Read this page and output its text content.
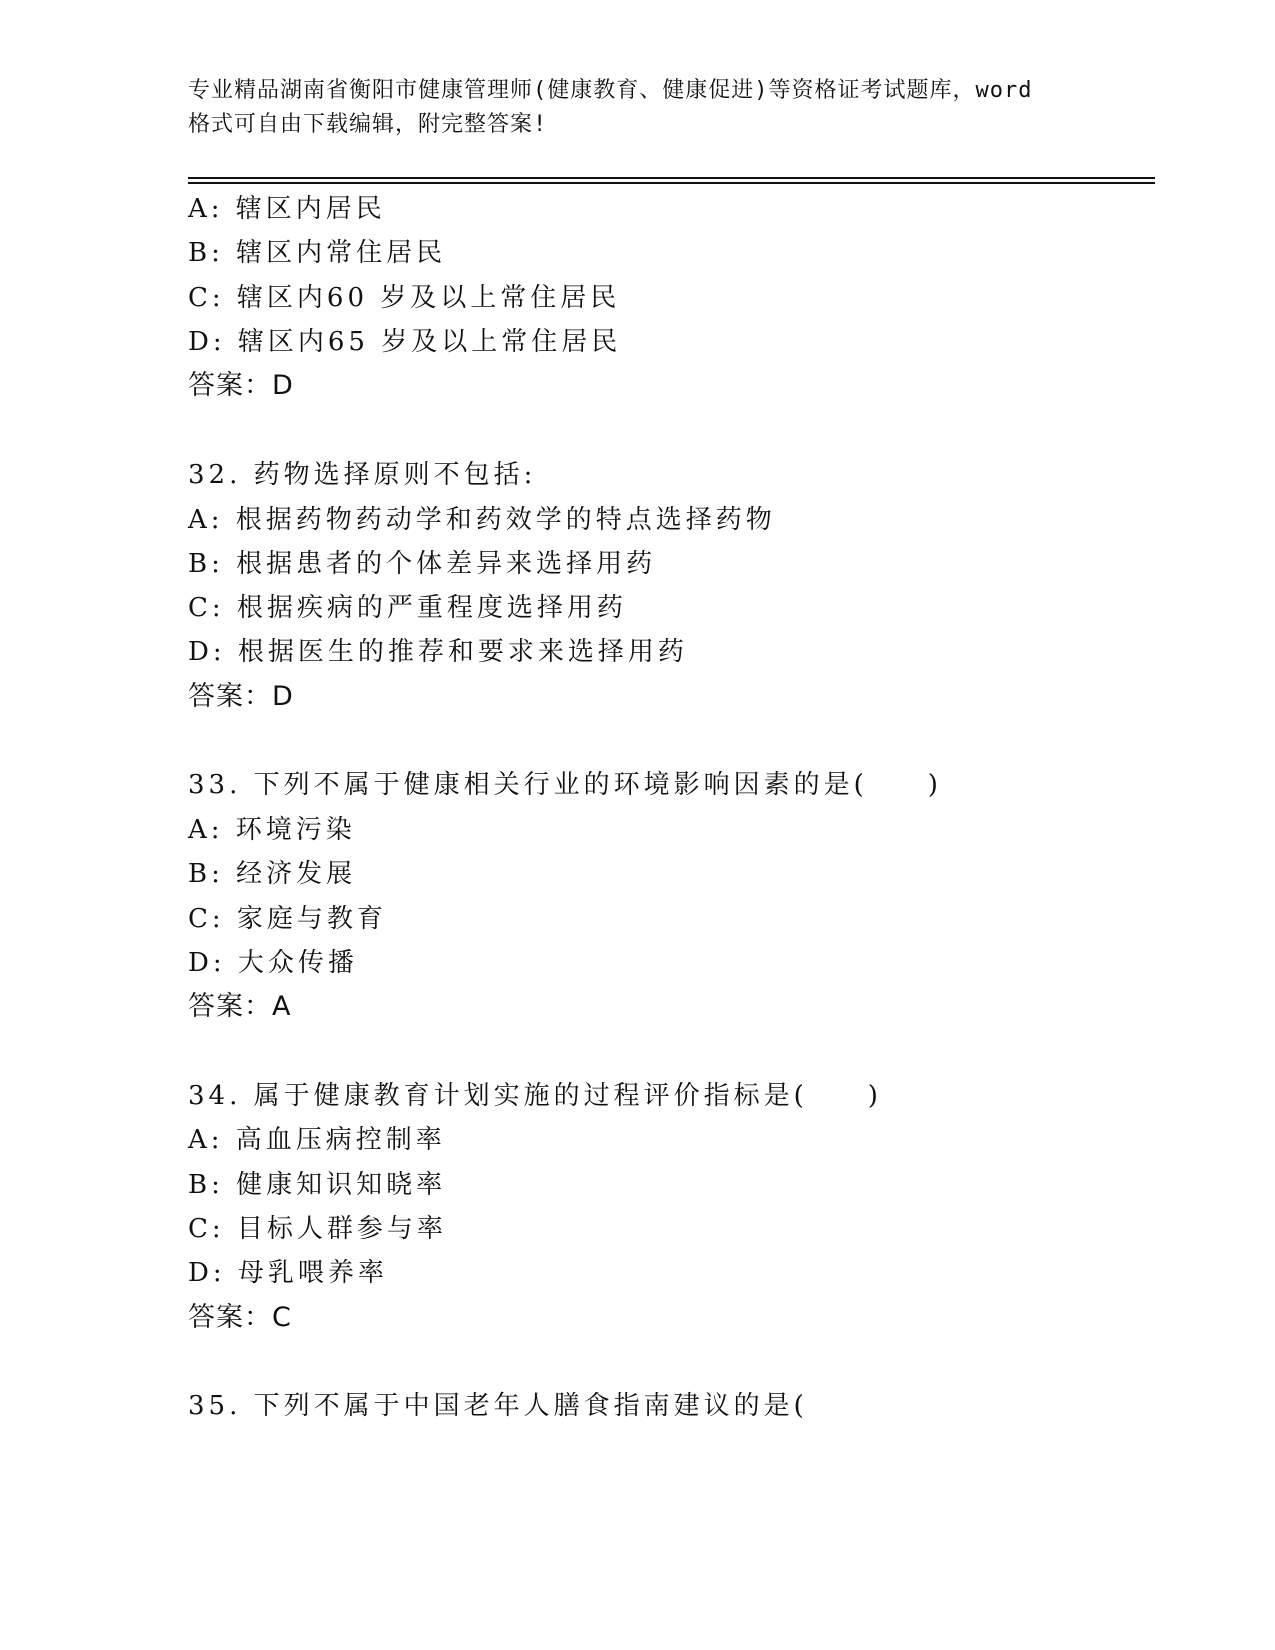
专业精品湖南省衡阳市健康管理师(健康教育、健康促进)等资格证考试题库，word

格式可自由下载编辑，附完整答案!

A: 辖区内居民

B: 辖区内常住居民

C: 辖区内60 岁及以上常住居民

D: 辖区内65 岁及以上常住居民

答案：D

32. 药物选择原则不包括:

A: 根据药物药动学和药效学的特点选择药物

B: 根据患者的个体差异来选择用药

C: 根据疾病的严重程度选择用药

D: 根据医生的推荐和要求来选择用药

答案：D

33. 下列不属于健康相关行业的环境影响因素的是(　　)

A: 环境污染

B: 经济发展

C: 家庭与教育

D: 大众传播

答案：A

34. 属于健康教育计划实施的过程评价指标是(　　)

A: 高血压病控制率

B: 健康知识知晓率

C: 目标人群参与率

D: 母乳喂养率

答案：C

35. 下列不属于中国老年人膳食指南建议的是(
